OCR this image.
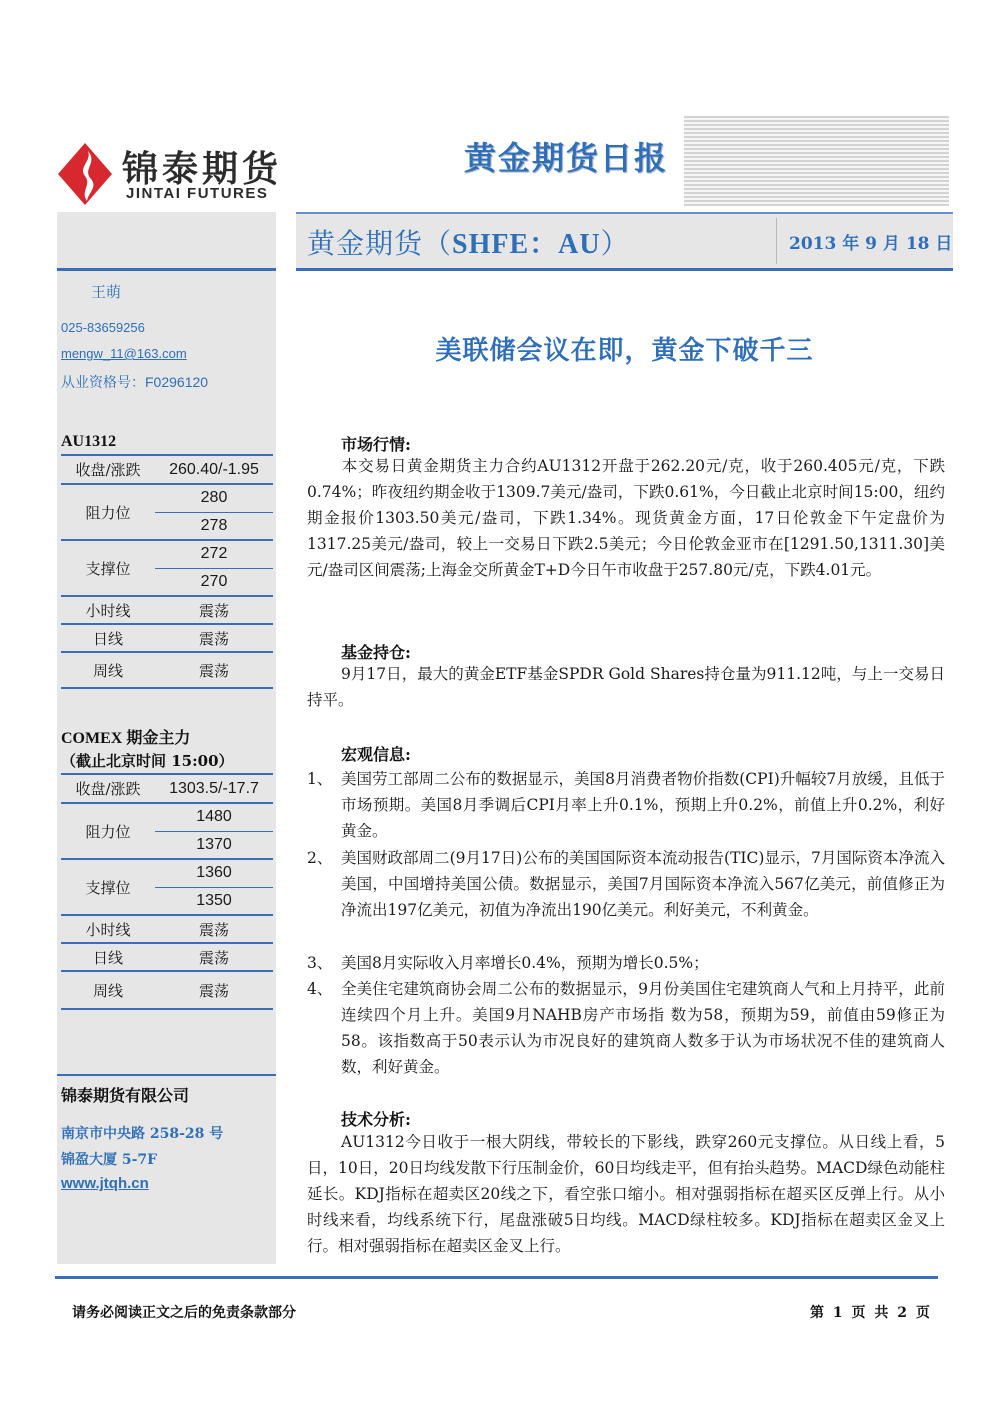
锦泰期货
JINTAI FUTURES
黄金期货日报
黄金期货（SHFE：AU）	2013 年 9 月 18 日
王萌
025-83659256
mengw_11@163.com
从业资格号：F0296120
AU1312
收盘/涨跌	260.40/-1.95
阻力位	280
	278
支撑位	272
	270
小时线	震荡
日线	震荡
周线	震荡
COMEX 期金主力
（截止北京时间 15:00）
收盘/涨跌	1303.5/-17.7
阻力位	1480
	1370
支撑位	1360
	1350
小时线	震荡
日线	震荡
周线	震荡
锦泰期货有限公司
南京市中央路 258-28 号
锦盈大厦 5-7F
www.jtqh.cn
美联储会议在即，黄金下破千三
市场行情:
本交易日黄金期货主力合约AU1312开盘于262.20元/克，收于260.405元/克，下跌0.74%；昨夜纽约期金收于1309.7美元/盎司，下跌0.61%，今日截止北京时间15:00，纽约期金报价1303.50美元/盎司，下跌1.34%。现货黄金方面，17日伦敦金下午定盘价为1317.25美元/盎司，较上一交易日下跌2.5美元；今日伦敦金亚市在[1291.50,1311.30]美元/盎司区间震荡;上海金交所黄金T+D今日午市收盘于257.80元/克，下跌4.01元。
基金持仓:
9月17日，最大的黄金ETF基金SPDR Gold Shares持仓量为911.12吨，与上一交易日持平。
宏观信息:
1、 美国劳工部周二公布的数据显示，美国8月消费者物价指数(CPI)升幅较7月放缓，且低于市场预期。美国8月季调后CPI月率上升0.1%，预期上升0.2%，前值上升0.2%，利好黄金。
2、 美国财政部周二(9月17日)公布的美国国际资本流动报告(TIC)显示，7月国际资本净流入美国，中国增持美国公债。数据显示，美国7月国际资本净流入567亿美元，前值修正为净流出197亿美元，初值为净流出190亿美元。利好美元，不利黄金。
3、 美国8月实际收入月率增长0.4%，预期为增长0.5%；
4、 全美住宅建筑商协会周二公布的数据显示，9月份美国住宅建筑商人气和上月持平，此前连续四个月上升。美国9月NAHB房产市场指 数为58，预期为59，前值由59修正为58。该指数高于50表示认为市况良好的建筑商人数多于认为市场状况不佳的建筑商人数，利好黄金。
技术分析:
AU1312今日收于一根大阴线，带较长的下影线，跌穿260元支撑位。从日线上看，5日，10日，20日均线发散下行压制金价，60日均线走平，但有抬头趋势。MACD绿色动能柱延长。KDJ指标在超卖区20线之下，看空张口缩小。相对强弱指标在超买区反弹上行。从小时线来看，均线系统下行，尾盘涨破5日均线。MACD绿柱较多。KDJ指标在超卖区金叉上行。相对强弱指标在超卖区金叉上行。
请务必阅读正文之后的免责条款部分	第 1 页 共 2 页
